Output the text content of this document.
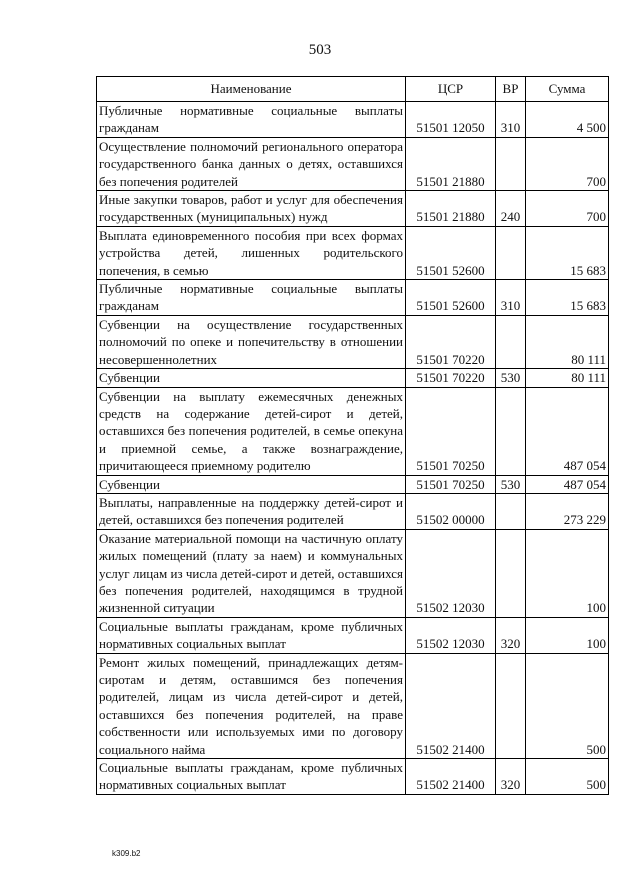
503
Наименование	ЦСР	ВР	Сумма
Публичные нормативные социальные выплаты гражданам	51501 12050	310	4 500
Осуществление полномочий регионального оператора государственного банка данных о детях, оставшихся без попечения родителей	51501 21880		700
Иные закупки товаров, работ и услуг для обеспечения государственных (муниципальных) нужд	51501 21880	240	700
Выплата единовременного пособия при всех формах устройства детей, лишенных родительского попечения, в семью	51501 52600		15 683
Публичные нормативные социальные выплаты гражданам	51501 52600	310	15 683
Субвенции на осуществление государственных полномочий по опеке и попечительству в отношении несовершеннолетних	51501 70220		80 111
Субвенции	51501 70220	530	80 111
Субвенции на выплату ежемесячных денежных средств на содержание детей-сирот и детей, оставшихся без попечения родителей, в семье опекуна и приемной семье, а также вознаграждение, причитающееся приемному родителю	51501 70250		487 054
Субвенции	51501 70250	530	487 054
Выплаты, направленные на поддержку детей-сирот и детей, оставшихся без попечения родителей	51502 00000		273 229
Оказание материальной помощи на частичную оплату жилых помещений (плату за наем) и коммунальных услуг лицам из числа детей-сирот и детей, оставшихся без попечения родителей, находящимся в трудной жизненной ситуации	51502 12030		100
Социальные выплаты гражданам, кроме публичных нормативных социальных выплат	51502 12030	320	100
Ремонт жилых помещений, принадлежащих детям-сиротам и детям, оставшимся без попечения родителей, лицам из числа детей-сирот и детей, оставшихся без попечения родителей, на праве собственности или используемых ими по договору социального найма	51502 21400		500
Социальные выплаты гражданам, кроме публичных нормативных социальных выплат	51502 21400	320	500
k309.b2
